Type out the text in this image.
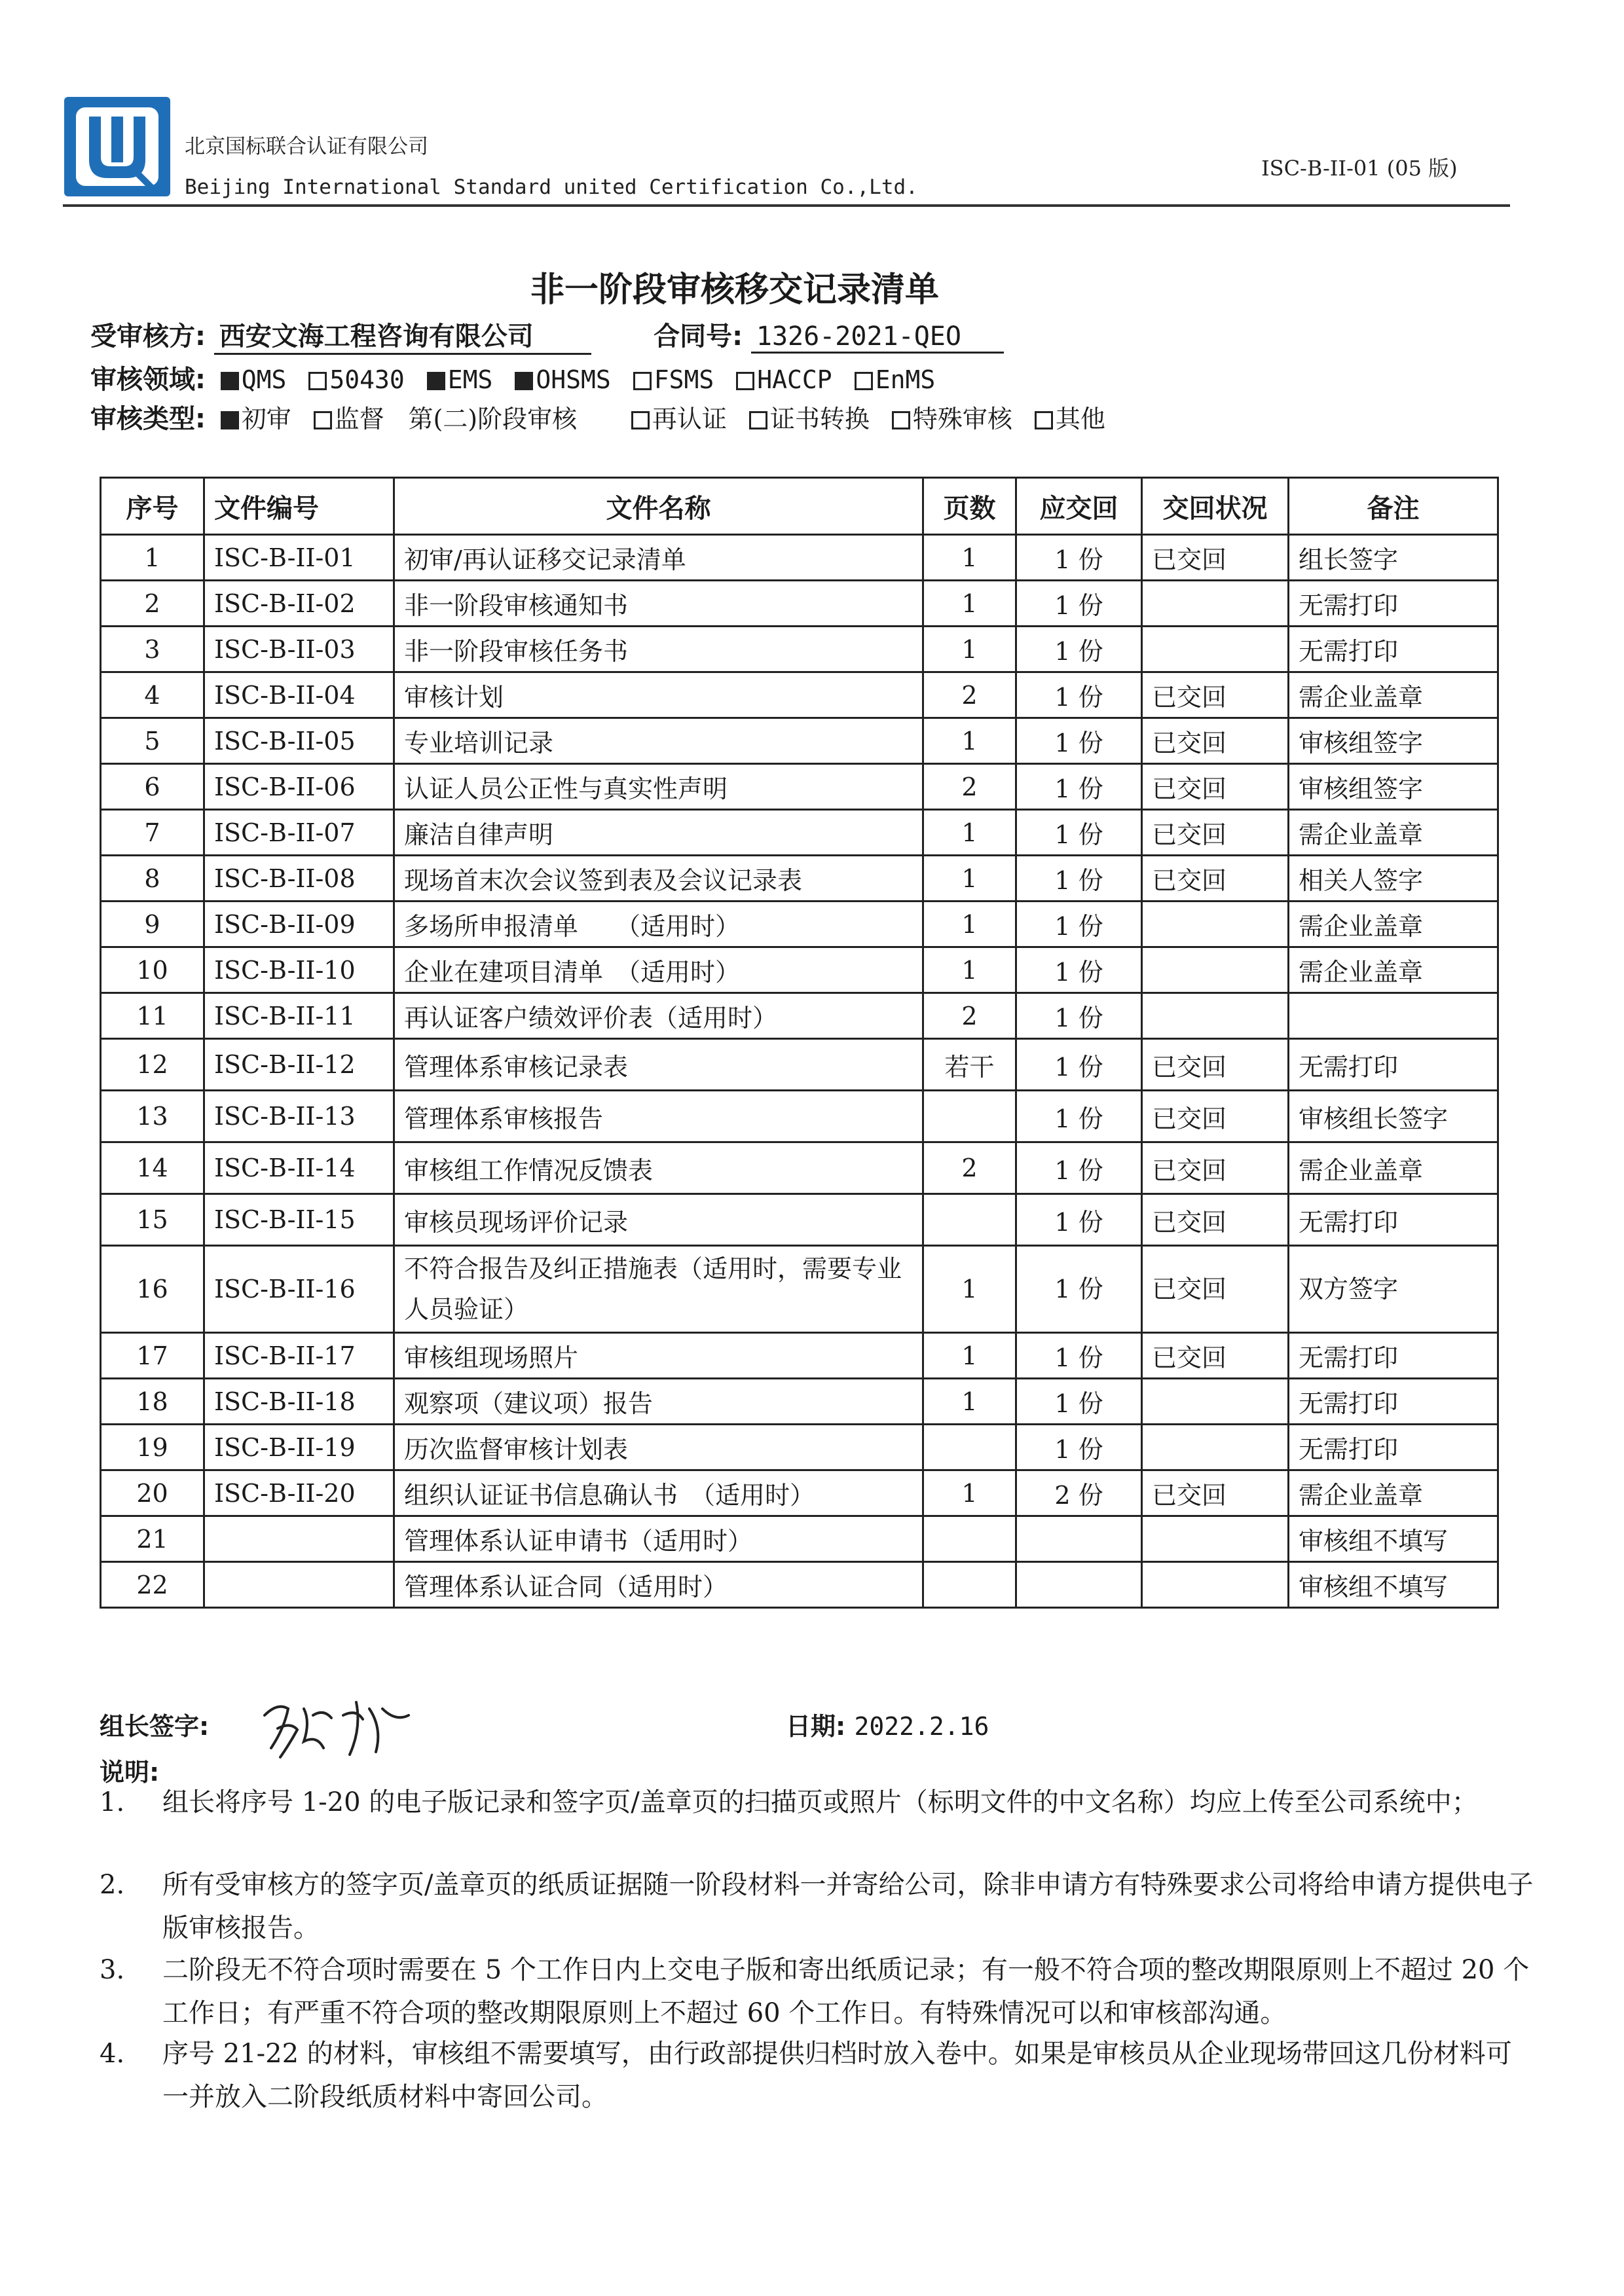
北京国标联合认证有限公司
Beijing International Standard united Certification Co.,Ltd.
ISC-B-II-01 (05 版)
非一阶段审核移交记录清单
受审核方: 西安文海工程咨询有限公司	合同号: 1326-2021-QEO
审核领域: QMS 50430 EMS OHSMS FSMS HACCP EnMS
审核类型: 初审 监督 第(二)阶段审核	再认证 证书转换 特殊审核 其他
序号	文件编号	文件名称	页数	应交回	交回状况	备注
1	ISC-B-II-01	初审/再认证移交记录清单	1	1 份	已交回	组长签字
2	ISC-B-II-02	非一阶段审核通知书	1	1 份		无需打印
3	ISC-B-II-03	非一阶段审核任务书	1	1 份		无需打印
4	ISC-B-II-04	审核计划	2	1 份	已交回	需企业盖章
5	ISC-B-II-05	专业培训记录	1	1 份	已交回	审核组签字
6	ISC-B-II-06	认证人员公正性与真实性声明	2	1 份	已交回	审核组签字
7	ISC-B-II-07	廉洁自律声明	1	1 份	已交回	需企业盖章
8	ISC-B-II-08	现场首末次会议签到表及会议记录表	1	1 份	已交回	相关人签字
9	ISC-B-II-09	多场所申报清单　　（适用时）	1	1 份		需企业盖章
10	ISC-B-II-10	企业在建项目清单　（适用时）	1	1 份		需企业盖章
11	ISC-B-II-11	再认证客户绩效评价表（适用时）	2	1 份		
12	ISC-B-II-12	管理体系审核记录表	若干	1 份	已交回	无需打印
13	ISC-B-II-13	管理体系审核报告		1 份	已交回	审核组长签字
14	ISC-B-II-14	审核组工作情况反馈表	2	1 份	已交回	需企业盖章
15	ISC-B-II-15	审核员现场评价记录		1 份	已交回	无需打印
16	ISC-B-II-16	不符合报告及纠正措施表（适用时，需要专业人员验证）	1	1 份	已交回	双方签字
17	ISC-B-II-17	审核组现场照片	1	1 份	已交回	无需打印
18	ISC-B-II-18	观察项（建议项）报告	1	1 份		无需打印
19	ISC-B-II-19	历次监督审核计划表		1 份		无需打印
20	ISC-B-II-20	组织认证证书信息确认书　（适用时）	1	2 份	已交回	需企业盖章
21		管理体系认证申请书（适用时）				审核组不填写
22		管理体系认证合同（适用时）				审核组不填写
组长签字:	日期: 2022.2.16
说明:
1. 组长将序号 1-20 的电子版记录和签字页/盖章页的扫描页或照片（标明文件的中文名称）均应上传至公司系统中；
2. 所有受审核方的签字页/盖章页的纸质证据随一阶段材料一并寄给公司，除非申请方有特殊要求公司将给申请方提供电子版审核报告。
3. 二阶段无不符合项时需要在 5 个工作日内上交电子版和寄出纸质记录；有一般不符合项的整改期限原则上不超过 20 个工作日；有严重不符合项的整改期限原则上不超过 60 个工作日。有特殊情况可以和审核部沟通。
4. 序号 21-22 的材料，审核组不需要填写，由行政部提供归档时放入卷中。如果是审核员从企业现场带回这几份材料可一并放入二阶段纸质材料中寄回公司。
